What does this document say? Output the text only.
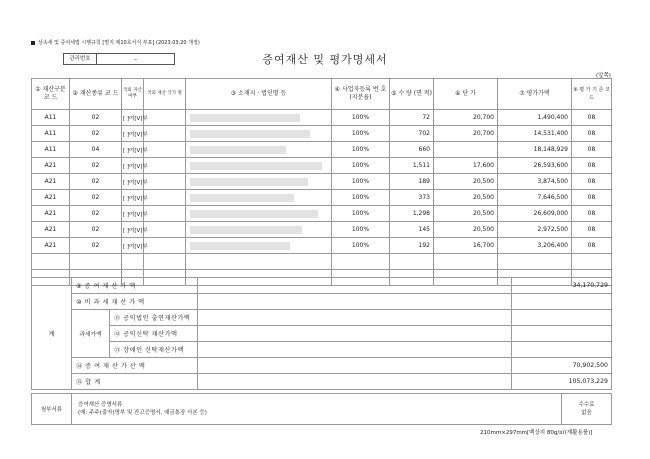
상속세 및 증여세법 시행규칙 [별지 제10호서식 부표] (2023.03.20 개정)
관리번호	–	증여재산 및 평가명세서
(앞쪽)
① 재산구분 코 드	② 재산종류 코 드	국외 자산 여부	국외 재산 국가 명	③ 소재지 · 법인명 등	④ 사업자등록 번 호 (지분율)	⑤ 수 량 (면 적)	⑥ 단 가	⑦ 평가가액	⑧ 평 가 기 준 코 드
A11	02	[ ]여[V]부			100%	72	20,700	1,490,400	08
A11	02	[ ]여[V]부			100%	702	20,700	14,531,400	08
A11	04	[ ]여[V]부			100%	660		18,148,929	08
A21	02	[ ]여[V]부			100%	1,511	17,600	26,593,600	08
A21	02	[ ]여[V]부			100%	189	20,500	3,874,500	08
A21	02	[ ]여[V]부			100%	373	20,500	7,646,500	08
A21	02	[ ]여[V]부			100%	1,298	20,500	26,609,000	08
A21	02	[ ]여[V]부			100%	145	20,500	2,972,500	08
A21	02	[ ]여[V]부			100%	192	16,700	3,206,400	08

계	⑨ 증 여 재 산 가 액			34,170,729
	⑩ 비 과 세 재 산 가 액			
	과세가액	⑪ 공익법인 출연재산가액		
		⑫ 공익신탁 재산가액		
		⑬ 장애인 신탁재산가액		
	⑭ 증 여 재 산 가 산 액			70,902,500
	⑮ 합 계			105,073,229
첨부서류	
증여재산 증명서류
(예: 주주(출자)명부 및 잔고증명서, 예금통장 사본 등)

수수료
없음
210mm×297mm[백상지 80g/㎡(재활용품)]
